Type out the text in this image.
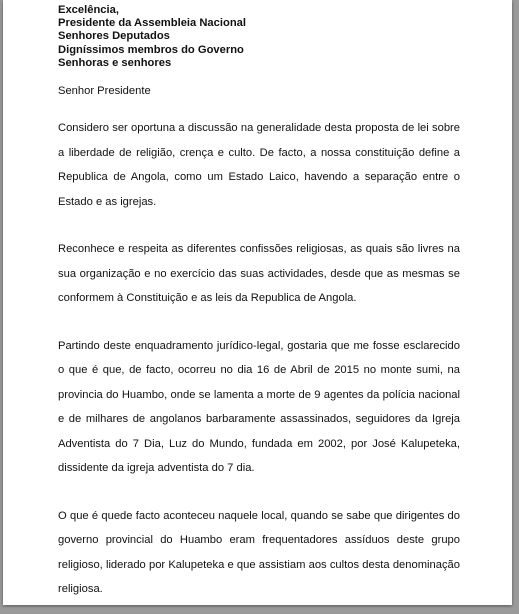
Excelência,
Presidente da Assembleia Nacional
Senhores Deputados
Digníssimos membros do Governo
Senhoras e senhores

Senhor Presidente

Considero ser oportuna a discussão na generalidade desta proposta de lei sobre a liberdade de religião, crença e culto. De facto, a nossa constituição define a Republica de Angola, como um Estado Laico, havendo a separação entre o Estado e as igrejas.

Reconhece e respeita as diferentes confissões religiosas, as quais são livres na sua organização e no exercício das suas actividades, desde que as mesmas se conformem à Constituição e as leis da Republica de Angola.

Partindo deste enquadramento jurídico-legal, gostaria que me fosse esclarecido o que é que, de facto, ocorreu no dia 16 de Abril de 2015 no monte sumi, na provincia do Huambo, onde se lamenta a morte de 9 agentes da polícia nacional e de milhares de angolanos barbaramente assassinados, seguidores da Igreja Adventista do 7 Dia, Luz do Mundo, fundada em 2002, por José Kalupeteka, dissidente da igreja adventista do 7 dia.

O que é quede facto aconteceu naquele local, quando se sabe que dirigentes do governo provincial do Huambo eram frequentadores assíduos deste grupo religioso, liderado por Kalupeteka e que assistiam aos cultos desta denominação religiosa.
